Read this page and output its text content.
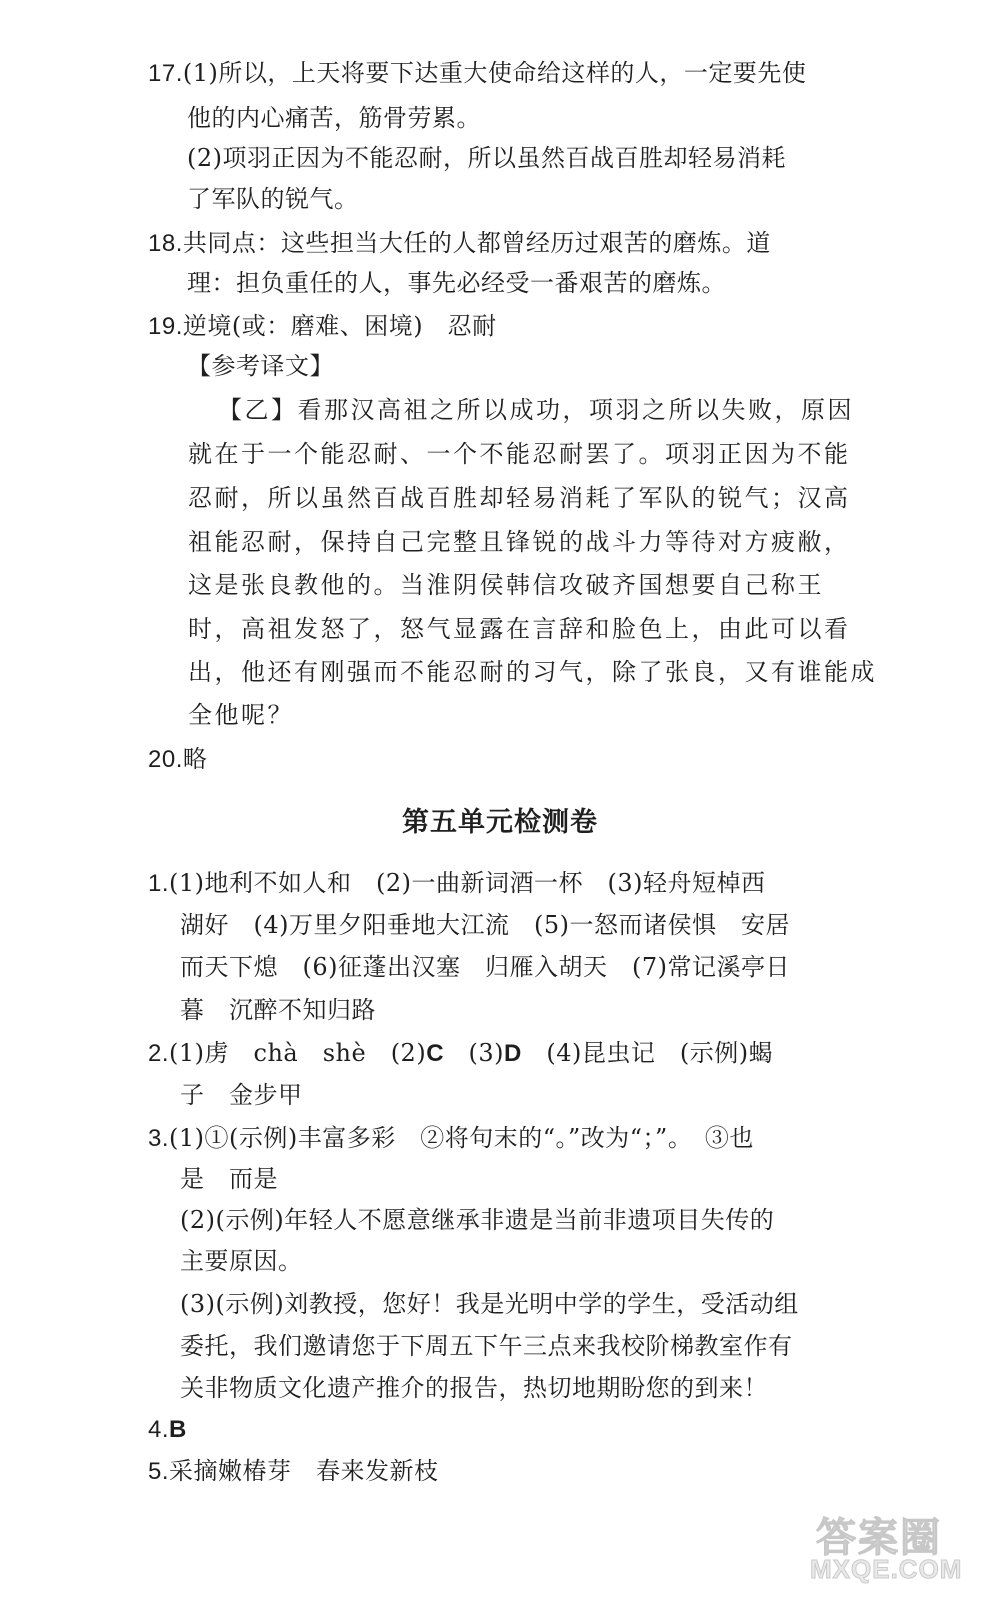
17.(1)所以，上天将要下达重大使命给这样的人，一定要先使
他的内心痛苦，筋骨劳累。
(2)项羽正因为不能忍耐，所以虽然百战百胜却轻易消耗
了军队的锐气。
18.共同点：这些担当大任的人都曾经历过艰苦的磨炼。道
理：担负重任的人，事先必经受一番艰苦的磨炼。
19.逆境(或：磨难、困境)　忍耐
【参考译文】
【乙】看那汉高祖之所以成功，项羽之所以失败，原因
就在于一个能忍耐、一个不能忍耐罢了。项羽正因为不能
忍耐，所以虽然百战百胜却轻易消耗了军队的锐气；汉高
祖能忍耐，保持自己完整且锋锐的战斗力等待对方疲敝，
这是张良教他的。当淮阴侯韩信攻破齐国想要自己称王
时，高祖发怒了，怒气显露在言辞和脸色上，由此可以看
出，他还有刚强而不能忍耐的习气，除了张良，又有谁能成
全他呢？
20.略
第五单元检测卷
1.(1)地利不如人和　(2)一曲新词酒一杯　(3)轻舟短棹西
湖好　(4)万里夕阳垂地大江流　(5)一怒而诸侯惧　安居
而天下熄　(6)征蓬出汉塞　归雁入胡天　(7)常记溪亭日
暮　沉醉不知归路
2.(1)虏　chà　shè　(2)C　(3)D　(4)昆虫记　(示例)蝎
子　金步甲
3.(1)①(示例)丰富多彩　②将句末的“。”改为“；”。　③也
是　而是
(2)(示例)年轻人不愿意继承非遗是当前非遗项目失传的
主要原因。
(3)(示例)刘教授，您好！我是光明中学的学生，受活动组
委托，我们邀请您于下周五下午三点来我校阶梯教室作有
关非物质文化遗产推介的报告，热切地期盼您的到来！
4.B
5.采摘嫩椿芽　春来发新枝
答案圈
MXQE.COM
